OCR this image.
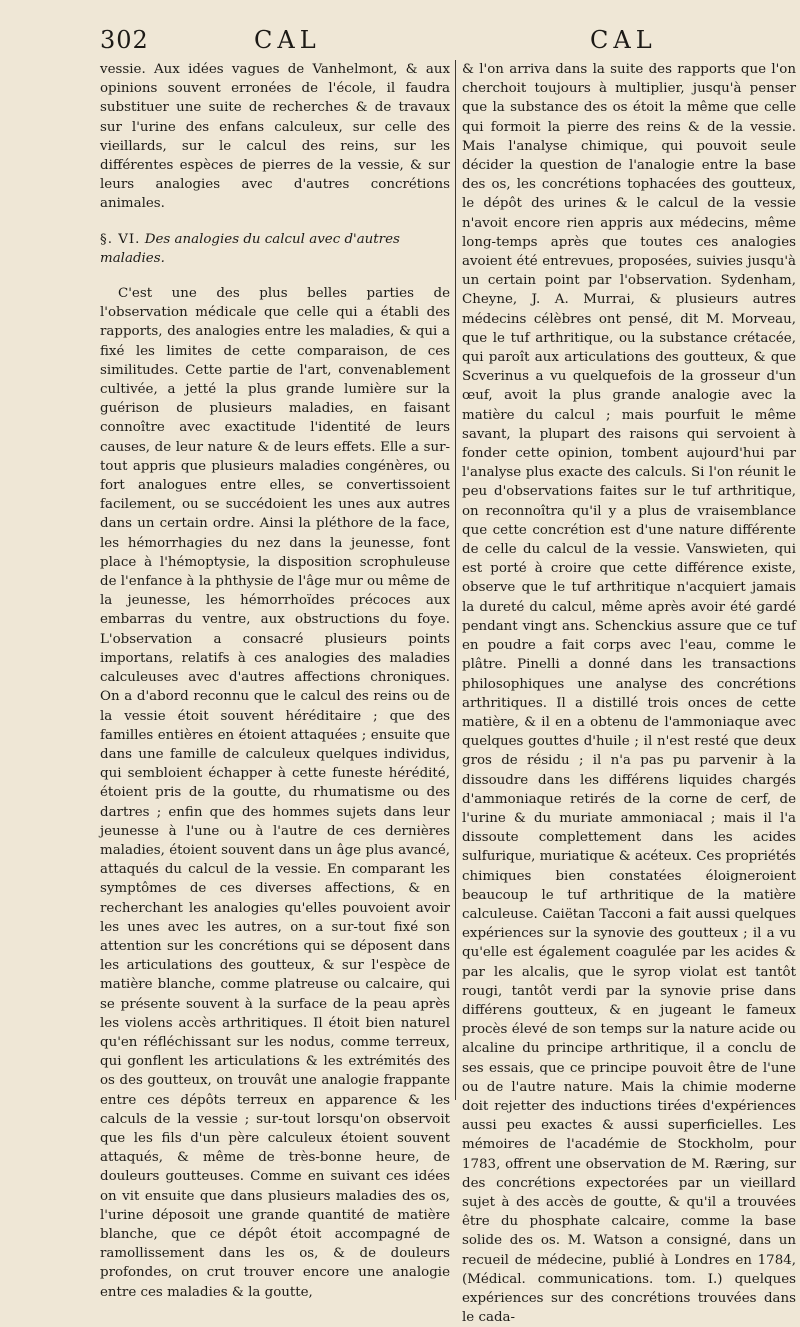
302	CAL	CAL

vessie. Aux idées vagues de Vanhelmont, & aux opinions souvent erronées de l'école, il faudra substituer une suite de recherches & de travaux sur l'urine des enfans calculeux, sur celle des vieillards, sur le calcul des reins, sur les différentes espèces de pierres de la vessie, & sur leurs analogies avec d'autres concrétions animales.

§. VI. Des analogies du calcul avec d'autres maladies.

C'est une des plus belles parties de l'observation médicale que celle qui a établi des rapports, des analogies entre les maladies, & qui a fixé les limites de cette comparaison, de ces similitudes. Cette partie de l'art, convenablement cultivée, a jetté la plus grande lumière sur la guérison de plusieurs maladies, en faisant connoître avec exactitude l'identité de leurs causes, de leur nature & de leurs effets. Elle a sur-tout appris que plusieurs maladies congénères, ou fort analogues entre elles, se convertissoient facilement, ou se succédoient les unes aux autres dans un certain ordre. Ainsi la pléthore de la face, les hémorrhagies du nez dans la jeunesse, font place à l'hémoptysie, la disposition scrophuleuse de l'enfance à la phthysie de l'âge mur ou même de la jeunesse, les hémorrhoïdes précoces aux embarras du ventre, aux obstructions du foye. L'observation a consacré plusieurs points importans, relatifs à ces analogies des maladies calculeuses avec d'autres affections chroniques. On a d'abord reconnu que le calcul des reins ou de la vessie étoit souvent héréditaire ; que des familles entières en étoient attaquées ; ensuite que dans une famille de calculeux quelques individus, qui sembloient échapper à cette funeste hérédité, étoient pris de la goutte, du rhumatisme ou des dartres ; enfin que des hommes sujets dans leur jeunesse à l'une ou à l'autre de ces dernières maladies, étoient souvent dans un âge plus avancé, attaqués du calcul de la vessie. En comparant les symptômes de ces diverses affections, & en recherchant les analogies qu'elles pouvoient avoir les unes avec les autres, on a sur-tout fixé son attention sur les concrétions qui se déposent dans les articulations des goutteux, & sur l'espèce de matière blanche, comme platreuse ou calcaire, qui se présente souvent à la surface de la peau après les violens accès arthritiques. Il étoit bien naturel qu'en réfléchissant sur les nodus, comme terreux, qui gonflent les articulations & les extrémités des os des goutteux, on trouvât une analogie frappante entre ces dépôts terreux en apparence & les calculs de la vessie ; sur-tout lorsqu'on observoit que les fils d'un père calculeux étoient souvent attaqués, & même de très-bonne heure, de douleurs goutteuses. Comme en suivant ces idées on vit ensuite que dans plusieurs maladies des os, l'urine déposoit une grande quantité de matière blanche, que ce dépôt étoit accompagné de ramollissement dans les os, & de douleurs profondes, on crut trouver encore une analogie entre ces maladies & la goutte,

& l'on arriva dans la suite des rapports que l'on cherchoit toujours à multiplier, jusqu'à penser que la substance des os étoit la même que celle qui formoit la pierre des reins & de la vessie. Mais l'analyse chimique, qui pouvoit seule décider la question de l'analogie entre la base des os, les concrétions tophacées des goutteux, le dépôt des urines & le calcul de la vessie n'avoit encore rien appris aux médecins, même long-temps après que toutes ces analogies avoient été entrevues, proposées, suivies jusqu'à un certain point par l'observation. Sydenham, Cheyne, J. A. Murrai, & plusieurs autres médecins célèbres ont pensé, dit M. Morveau, que le tuf arthritique, ou la substance crétacée, qui paroît aux articulations des goutteux, & que Scverinus a vu quelquefois de la grosseur d'un œuf, avoit la plus grande analogie avec la matière du calcul ; mais pourfuit le même savant, la plupart des raisons qui servoient à fonder cette opinion, tombent aujourd'hui par l'analyse plus exacte des calculs. Si l'on réunit le peu d'observations faites sur le tuf arthritique, on reconnoîtra qu'il y a plus de vraisemblance que cette concrétion est d'une nature différente de celle du calcul de la vessie. Vanswieten, qui est porté à croire que cette différence existe, observe que le tuf arthritique n'acquiert jamais la dureté du calcul, même après avoir été gardé pendant vingt ans. Schenckius assure que ce tuf en poudre a fait corps avec l'eau, comme le plâtre. Pinelli a donné dans les transactions philosophiques une analyse des concrétions arthritiques. Il a distillé trois onces de cette matière, & il en a obtenu de l'ammoniaque avec quelques gouttes d'huile ; il n'est resté que deux gros de résidu ; il n'a pas pu parvenir à la dissoudre dans les différens liquides chargés d'ammoniaque retirés de la corne de cerf, de l'urine & du muriate ammoniacal ; mais il l'a dissoute complettement dans les acides sulfurique, muriatique & acéteux. Ces propriétés chimiques bien constatées éloigneroient beaucoup le tuf arthritique de la matière calculeuse. Caiëtan Tacconi a fait aussi quelques expériences sur la synovie des goutteux ; il a vu qu'elle est également coagulée par les acides & par les alcalis, que le syrop violat est tantôt rougi, tantôt verdi par la synovie prise dans différens goutteux, & en jugeant le fameux procès élevé de son temps sur la nature acide ou alcaline du principe arthritique, il a conclu de ses essais, que ce principe pouvoit être de l'une ou de l'autre nature. Mais la chimie moderne doit rejetter des inductions tirées d'expériences aussi peu exactes & aussi superficielles. Les mémoires de l'académie de Stockholm, pour 1783, offrent une observation de M. Ræring, sur des concrétions expectorées par un vieillard sujet à des accès de goutte, & qu'il a trouvées être du phosphate calcaire, comme la base solide des os. M. Watson a consigné, dans un recueil de médecine, publié à Londres en 1784, (Médical. communications. tom. I.) quelques expériences sur des concrétions trouvées dans le cada-
